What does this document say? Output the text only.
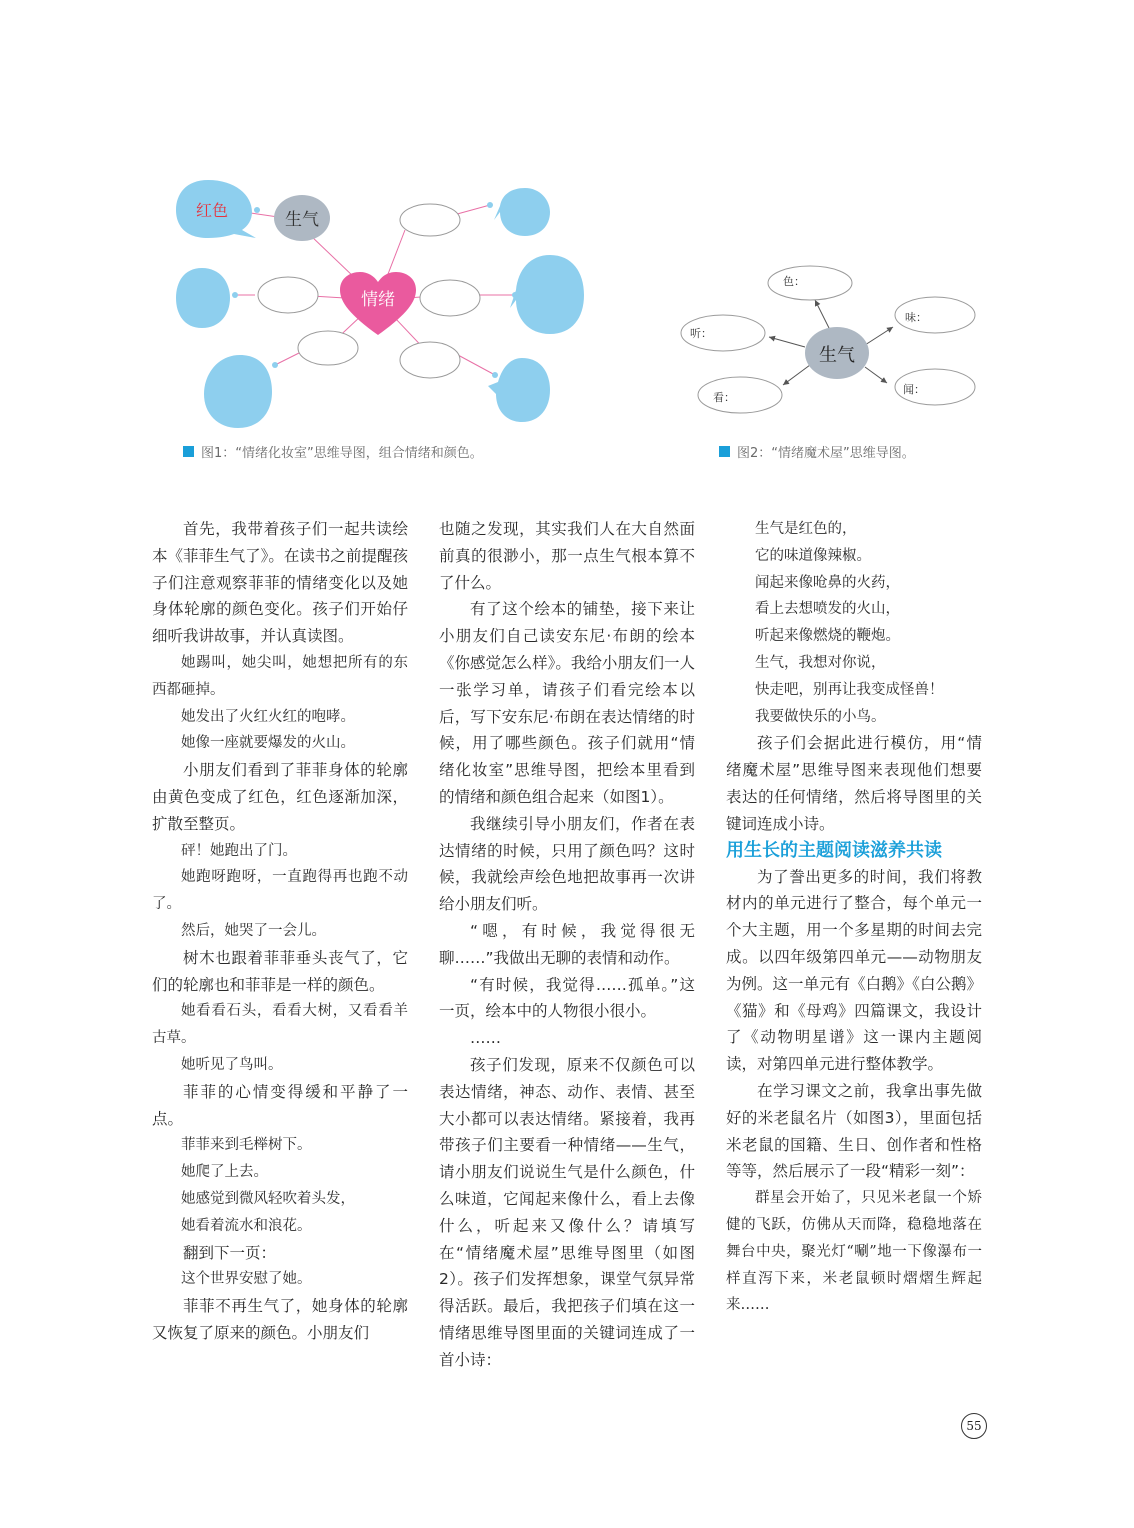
生气
红色
情绪
图1：“情绪化妆室”思维导图，组合情绪和颜色。
生气
色：
味：
听：
看：
闻：
图2：“情绪魔术屋”思维导图。

首先，我带着孩子们一起共读绘本《菲菲生气了》。在读书之前提醒孩子们注意观察菲菲的情绪变化以及她身体轮廓的颜色变化。孩子们开始仔细听我讲故事，并认真读图。

她踢叫，她尖叫，她想把所有的东西都砸掉。

她发出了火红火红的咆哮。

她像一座就要爆发的火山。

小朋友们看到了菲菲身体的轮廓由黄色变成了红色，红色逐渐加深，扩散至整页。

砰！她跑出了门。

她跑呀跑呀，一直跑得再也跑不动了。

然后，她哭了一会儿。

树木也跟着菲菲垂头丧气了，它们的轮廓也和菲菲是一样的颜色。

她看看石头，看看大树，又看看羊古草。

她听见了鸟叫。

菲菲的心情变得缓和平静了一点。

菲菲来到毛榉树下。

她爬了上去。

她感觉到微风轻吹着头发，

她看着流水和浪花。

翻到下一页：

这个世界安慰了她。

菲菲不再生气了，她身体的轮廓又恢复了原来的颜色。小朋友们

也随之发现，其实我们人在大自然面前真的很渺小，那一点生气根本算不了什么。

有了这个绘本的铺垫，接下来让小朋友们自己读安东尼·布朗的绘本《你感觉怎么样》。我给小朋友们一人一张学习单，请孩子们看完绘本以后，写下安东尼·布朗在表达情绪的时候，用了哪些颜色。孩子们就用“情绪化妆室”思维导图，把绘本里看到的情绪和颜色组合起来（如图1）。

我继续引导小朋友们，作者在表达情绪的时候，只用了颜色吗？这时候，我就绘声绘色地把故事再一次讲给小朋友们听。

“嗯，有时候，我觉得很无聊……”我做出无聊的表情和动作。

“有时候，我觉得……孤单。”这一页，绘本中的人物很小很小。

……

孩子们发现，原来不仅颜色可以表达情绪，神态、动作、表情、甚至大小都可以表达情绪。紧接着，我再带孩子们主要看一种情绪——生气，请小朋友们说说生气是什么颜色，什么味道，它闻起来像什么，看上去像什么，听起来又像什么？请填写在“情绪魔术屋”思维导图里（如图2）。孩子们发挥想象，课堂气氛异常得活跃。最后，我把孩子们填在这一情绪思维导图里面的关键词连成了一首小诗：

生气是红色的，

它的味道像辣椒。

闻起来像呛鼻的火药，

看上去想喷发的火山，

听起来像燃烧的鞭炮。

生气，我想对你说，

快走吧，别再让我变成怪兽！

我要做快乐的小鸟。

孩子们会据此进行模仿，用“情绪魔术屋”思维导图来表现他们想要表达的任何情绪，然后将导图里的关键词连成小诗。

用生长的主题阅读滋养共读

为了誊出更多的时间，我们将教材内的单元进行了整合，每个单元一个大主题，用一个多星期的时间去完成。以四年级第四单元——动物朋友为例。这一单元有《白鹅》《白公鹅》《猫》和《母鸡》四篇课文，我设计了《动物明星谱》这一课内主题阅读，对第四单元进行整体教学。

在学习课文之前，我拿出事先做好的米老鼠名片（如图3），里面包括米老鼠的国籍、生日、创作者和性格等等，然后展示了一段“精彩一刻”：

群星会开始了，只见米老鼠一个矫健的飞跃，仿佛从天而降，稳稳地落在舞台中央，聚光灯“唰”地一下像瀑布一样直泻下来，米老鼠顿时熠熠生辉起来……

55
